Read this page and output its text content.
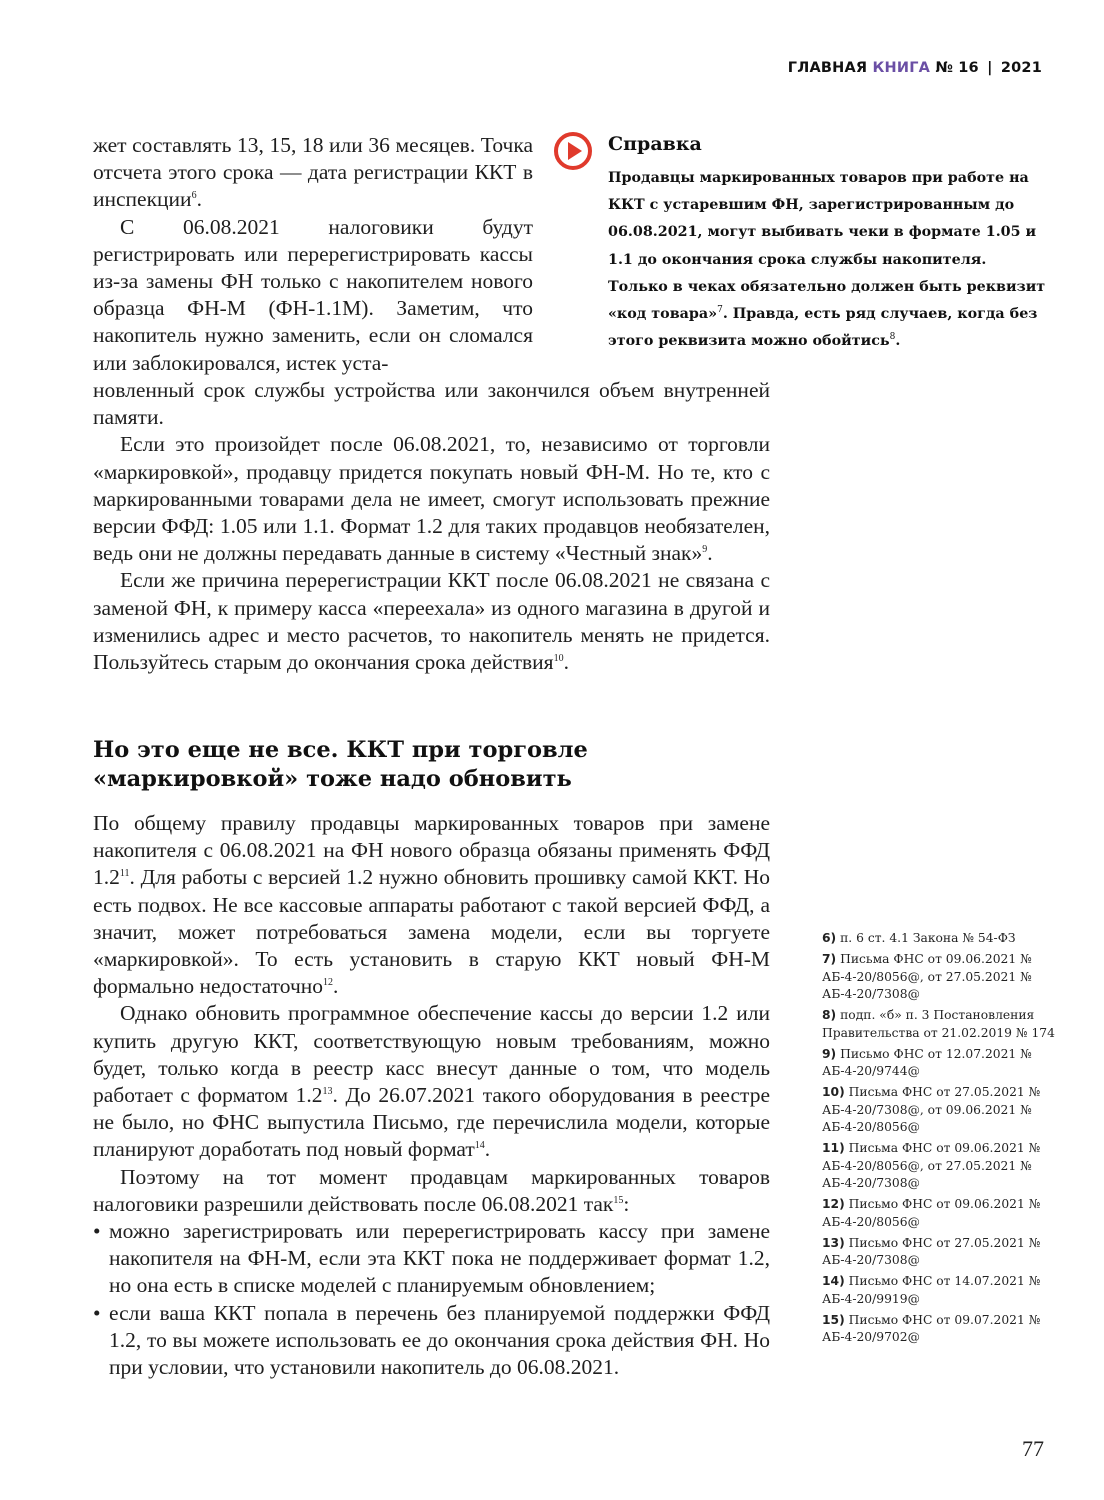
ГЛАВНАЯ КНИГА № 16 | 2021

жет составлять 13, 15, 18 или 36 месяцев. Точка отсчета этого срока — дата регистрации ККТ в инспекции$^6$.

С 06.08.2021 налоговики будут регистрировать или перерегистрировать кассы из-за замены ФН только с накопителем нового образца ФН-М (ФН-1.1М). Заметим, что накопитель нужно заменить, если он сломался или заблокировался, истек уста-

Справка

Продавцы маркированных товаров при работе на ККТ с устаревшим ФН, зарегистрированным до 06.08.2021, могут выбивать чеки в формате 1.05 и 1.1 до окончания срока службы накопителя. Только в чеках обязательно должен быть реквизит «код товара»$^7$. Правда, есть ряд случаев, когда без этого реквизита можно обойтись$^8$.

новленный срок службы устройства или закончился объем внутренней памяти.

Если это произойдет после 06.08.2021, то, независимо от торговли «маркировкой», продавцу придется покупать новый ФН-М. Но те, кто с маркированными товарами дела не имеет, смогут использовать прежние версии ФФД: 1.05 или 1.1. Формат 1.2 для таких продавцов необязателен, ведь они не должны передавать данные в систему «Честный знак»$^9$.

Если же причина перерегистрации ККТ после 06.08.2021 не связана с заменой ФН, к примеру касса «переехала» из одного магазина в другой и изменились адрес и место расчетов, то накопитель менять не придется. Пользуйтесь старым до окончания срока действия$^{10}$.

Но это еще не все. ККТ при торговле «маркировкой» тоже надо обновить

По общему правилу продавцы маркированных товаров при замене накопителя с 06.08.2021 на ФН нового образца обязаны применять ФФД $1.2^{11}$. Для работы с версией 1.2 нужно обновить прошивку самой ККТ. Но есть подвох. Не все кассовые аппараты работают с такой версией ФФД, а значит, может потребоваться замена модели, если вы торгуете «маркировкой». То есть установить в старую ККТ новый ФН-М формально недостаточно$^{12}$.

Однако обновить программное обеспечение кассы до версии 1.2 или купить другую ККТ, соответствующую новым требованиям, можно будет, только когда в реестр касс внесут данные о том, что модель работает с форматом $1.2^{13}$. До 26.07.2021 такого оборудования в реестре не было, но ФНС выпустила Письмо, где перечислила модели, которые планируют доработать под новый формат$^{14}$.

Поэтому на тот момент продавцам маркированных товаров налоговики разрешили действовать после 06.08.2021 так$^{15}$:

• можно зарегистрировать или перерегистрировать кассу при замене накопителя на ФН-М, если эта ККТ пока не поддерживает формат 1.2, но она есть в списке моделей с планируемым обновлением;
• если ваша ККТ попала в перечень без планируемой поддержки ФФД 1.2, то вы можете использовать ее до окончания срока действия ФН. Но при условии, что установили накопитель до 06.08.2021.

6) п. 6 ст. 4.1 Закона № 54-ФЗ

7) Письма ФНС от 09.06.2021 № АБ-4-20/8056@, от 27.05.2021 № АБ-4-20/7308@

8) подп. «б» п. 3 Постановления Правительства от 21.02.2019 № 174

9) Письмо ФНС от 12.07.2021 № АБ-4-20/9744@

10) Письма ФНС от 27.05.2021 № АБ-4-20/7308@, от 09.06.2021 № АБ-4-20/8056@

11) Письма ФНС от 09.06.2021 № АБ-4-20/8056@, от 27.05.2021 № АБ-4-20/7308@

12) Письмо ФНС от 09.06.2021 № АБ-4-20/8056@

13) Письмо ФНС от 27.05.2021 № АБ-4-20/7308@

14) Письмо ФНС от 14.07.2021 № АБ-4-20/9919@

15) Письмо ФНС от 09.07.2021 № АБ-4-20/9702@

77
